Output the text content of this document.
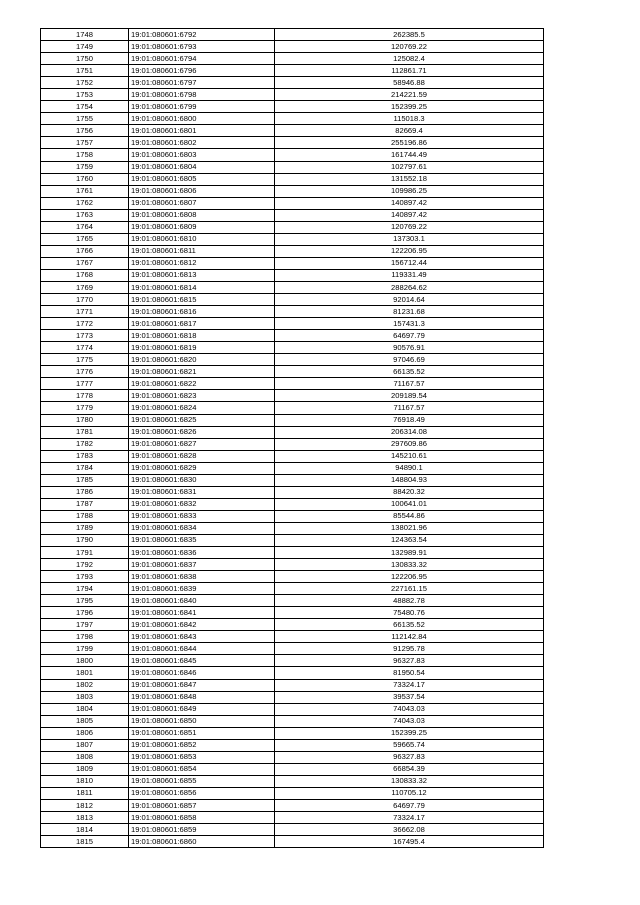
1748	19:01:080601:6792	262385.5
1749	19:01:080601:6793	120769.22
1750	19:01:080601:6794	125082.4
1751	19:01:080601:6796	112861.71
1752	19:01:080601:6797	58946.88
1753	19:01:080601:6798	214221.59
1754	19:01:080601:6799	152399.25
1755	19:01:080601:6800	115018.3
1756	19:01:080601:6801	82669.4
1757	19:01:080601:6802	255196.86
1758	19:01:080601:6803	161744.49
1759	19:01:080601:6804	102797.61
1760	19:01:080601:6805	131552.18
1761	19:01:080601:6806	109986.25
1762	19:01:080601:6807	140897.42
1763	19:01:080601:6808	140897.42
1764	19:01:080601:6809	120769.22
1765	19:01:080601:6810	137303.1
1766	19:01:080601:6811	122206.95
1767	19:01:080601:6812	156712.44
1768	19:01:080601:6813	119331.49
1769	19:01:080601:6814	288264.62
1770	19:01:080601:6815	92014.64
1771	19:01:080601:6816	81231.68
1772	19:01:080601:6817	157431.3
1773	19:01:080601:6818	64697.79
1774	19:01:080601:6819	90576.91
1775	19:01:080601:6820	97046.69
1776	19:01:080601:6821	66135.52
1777	19:01:080601:6822	71167.57
1778	19:01:080601:6823	209189.54
1779	19:01:080601:6824	71167.57
1780	19:01:080601:6825	76918.49
1781	19:01:080601:6826	206314.08
1782	19:01:080601:6827	297609.86
1783	19:01:080601:6828	145210.61
1784	19:01:080601:6829	94890.1
1785	19:01:080601:6830	148804.93
1786	19:01:080601:6831	88420.32
1787	19:01:080601:6832	100641.01
1788	19:01:080601:6833	85544.86
1789	19:01:080601:6834	138021.96
1790	19:01:080601:6835	124363.54
1791	19:01:080601:6836	132989.91
1792	19:01:080601:6837	130833.32
1793	19:01:080601:6838	122206.95
1794	19:01:080601:6839	227161.15
1795	19:01:080601:6840	48882.78
1796	19:01:080601:6841	75480.76
1797	19:01:080601:6842	66135.52
1798	19:01:080601:6843	112142.84
1799	19:01:080601:6844	91295.78
1800	19:01:080601:6845	96327.83
1801	19:01:080601:6846	81950.54
1802	19:01:080601:6847	73324.17
1803	19:01:080601:6848	39537.54
1804	19:01:080601:6849	74043.03
1805	19:01:080601:6850	74043.03
1806	19:01:080601:6851	152399.25
1807	19:01:080601:6852	59665.74
1808	19:01:080601:6853	96327.83
1809	19:01:080601:6854	66854.39
1810	19:01:080601:6855	130833.32
1811	19:01:080601:6856	110705.12
1812	19:01:080601:6857	64697.79
1813	19:01:080601:6858	73324.17
1814	19:01:080601:6859	36662.08
1815	19:01:080601:6860	167495.4
